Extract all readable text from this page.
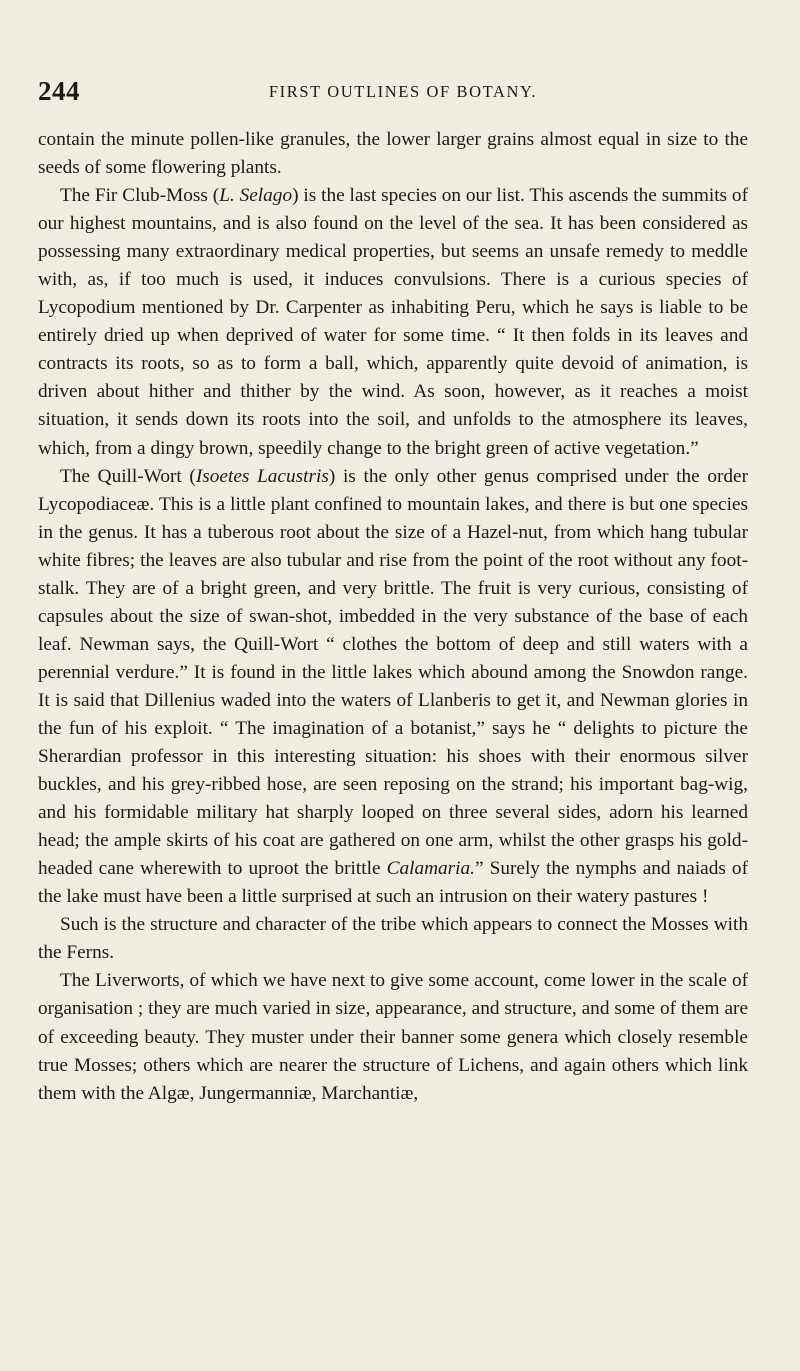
244	FIRST OUTLINES OF BOTANY.

contain the minute pollen-like granules, the lower larger grains almost equal in size to the seeds of some flowering plants.

The Fir Club-Moss (L. Selago) is the last species on our list. This ascends the summits of our highest mountains, and is also found on the level of the sea. It has been considered as possessing many extraordinary medical properties, but seems an unsafe remedy to meddle with, as, if too much is used, it induces convulsions. There is a curious species of Lycopodium mentioned by Dr. Carpenter as inhabiting Peru, which he says is liable to be entirely dried up when deprived of water for some time. “ It then folds in its leaves and contracts its roots, so as to form a ball, which, apparently quite devoid of animation, is driven about hither and thither by the wind. As soon, however, as it reaches a moist situation, it sends down its roots into the soil, and unfolds to the atmosphere its leaves, which, from a dingy brown, speedily change to the bright green of active vegetation.”

The Quill-Wort (Isoetes Lacustris) is the only other genus comprised under the order Lycopodiaceæ. This is a little plant confined to mountain lakes, and there is but one species in the genus. It has a tuberous root about the size of a Hazel-nut, from which hang tubular white fibres; the leaves are also tubular and rise from the point of the root without any foot-stalk. They are of a bright green, and very brittle. The fruit is very curious, consisting of capsules about the size of swan-shot, imbedded in the very substance of the base of each leaf. Newman says, the Quill-Wort “ clothes the bottom of deep and still waters with a perennial verdure.” It is found in the little lakes which abound among the Snowdon range. It is said that Dillenius waded into the waters of Llanberis to get it, and Newman glories in the fun of his exploit. “ The imagination of a botanist,” says he “ delights to picture the Sherardian professor in this interesting situation: his shoes with their enormous silver buckles, and his grey-ribbed hose, are seen reposing on the strand; his important bag-wig, and his formidable military hat sharply looped on three several sides, adorn his learned head; the ample skirts of his coat are gathered on one arm, whilst the other grasps his gold-headed cane wherewith to uproot the brittle Calamaria.” Surely the nymphs and naiads of the lake must have been a little surprised at such an intrusion on their watery pastures !

Such is the structure and character of the tribe which appears to connect the Mosses with the Ferns.

The Liverworts, of which we have next to give some account, come lower in the scale of organisation ; they are much varied in size, appearance, and structure, and some of them are of exceeding beauty. They muster under their banner some genera which closely resemble true Mosses; others which are nearer the structure of Lichens, and again others which link them with the Algæ, Jungermanniæ, Marchantiæ,
